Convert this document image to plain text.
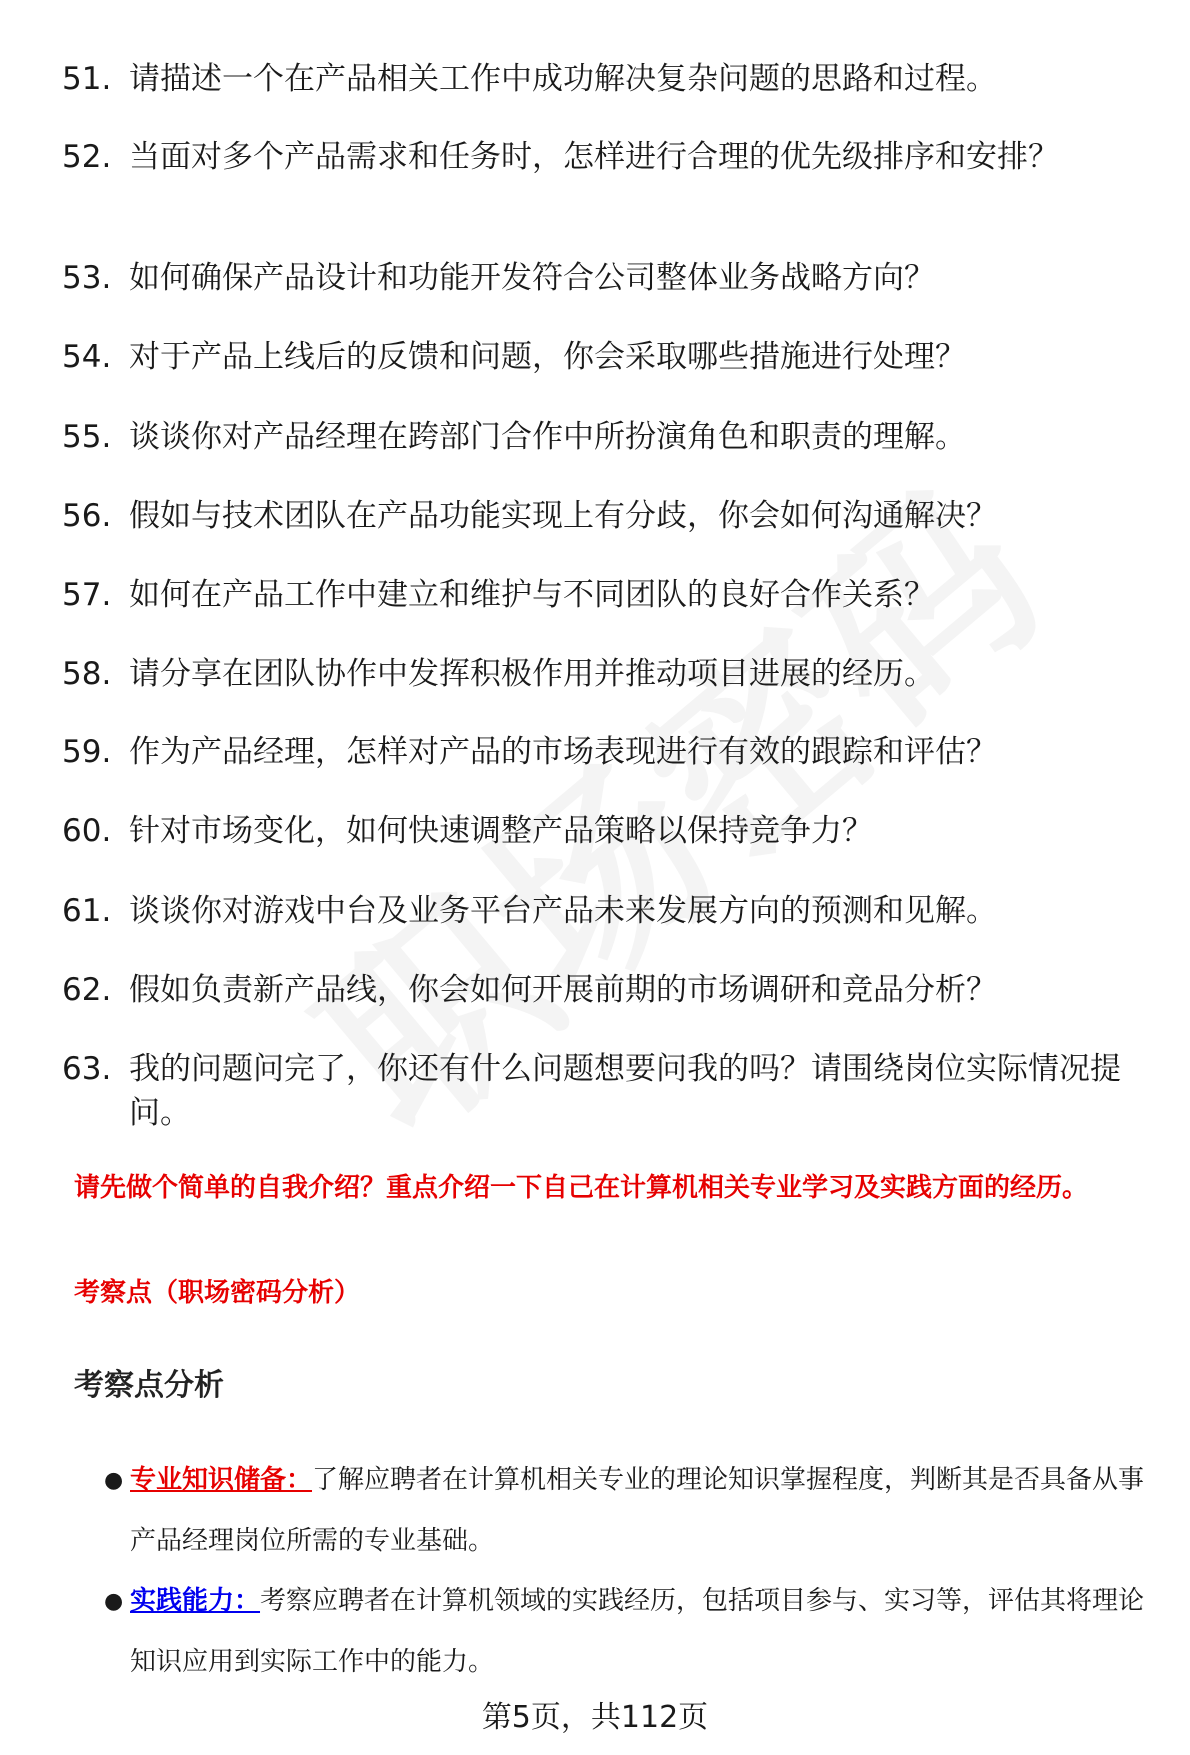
51. 请描述一个在产品相关工作中成功解决复杂问题的思路和过程。
52. 当面对多个产品需求和任务时，怎样进行合理的优先级排序和安排？
53. 如何确保产品设计和功能开发符合公司整体业务战略方向？
54. 对于产品上线后的反馈和问题，你会采取哪些措施进行处理？
55. 谈谈你对产品经理在跨部门合作中所扮演角色和职责的理解。
56. 假如与技术团队在产品功能实现上有分歧，你会如何沟通解决？
57. 如何在产品工作中建立和维护与不同团队的良好合作关系？
58. 请分享在团队协作中发挥积极作用并推动项目进展的经历。
59. 作为产品经理，怎样对产品的市场表现进行有效的跟踪和评估？
60. 针对市场变化，如何快速调整产品策略以保持竞争力？
61. 谈谈你对游戏中台及业务平台产品未来发展方向的预测和见解。
62. 假如负责新产品线，你会如何开展前期的市场调研和竞品分析？
63. 我的问题问完了，你还有什么问题想要问我的吗？请围绕岗位实际情况提问。
请先做个简单的自我介绍？重点介绍一下自己在计算机相关专业学习及实践方面的经历。
考察点（职场密码分析）
考察点分析
● 专业知识储备：了解应聘者在计算机相关专业的理论知识掌握程度，判断其是否具备从事产品经理岗位所需的专业基础。
● 实践能力：考察应聘者在计算机领域的实践经历，包括项目参与、实习等，评估其将理论知识应用到实际工作中的能力。
第5页，共112页
